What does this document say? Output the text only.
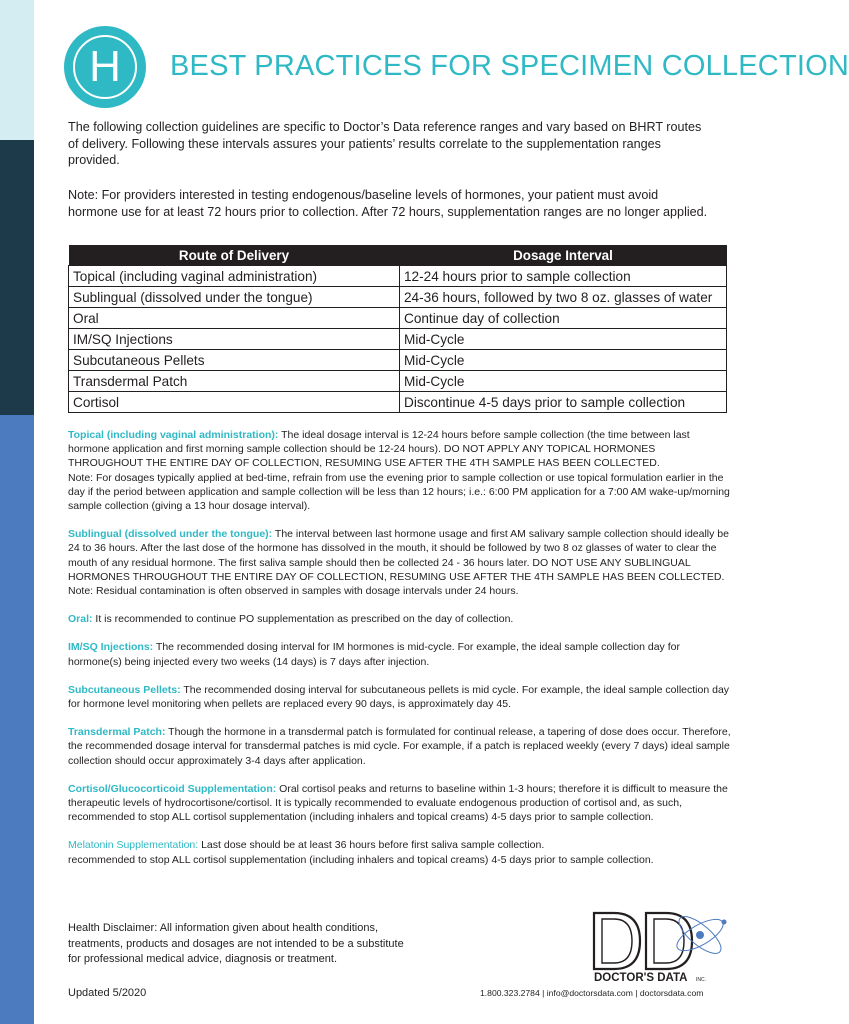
H BEST PRACTICES FOR SPECIMEN COLLECTION

The following collection guidelines are specific to Doctor’s Data reference ranges and vary based on BHRT routes of delivery. Following these intervals assures your patients’ results correlate to the supplementation ranges provided.

Note: For providers interested in testing endogenous/baseline levels of hormones, your patient must avoid hormone use for at least 72 hours prior to collection. After 72 hours, supplementation ranges are no longer applied.

Route of Delivery	Dosage Interval
Topical (including vaginal administration)	12-24 hours prior to sample collection
Sublingual (dissolved under the tongue)	24-36 hours, followed by two 8 oz. glasses of water
Oral	Continue day of collection
IM/SQ Injections	Mid-Cycle
Subcutaneous Pellets	Mid-Cycle
Transdermal Patch	Mid-Cycle
Cortisol	Discontinue 4-5 days prior to sample collection

Topical (including vaginal administration): The ideal dosage interval is 12-24 hours before sample collection (the time between last hormone application and first morning sample collection should be 12-24 hours). DO NOT APPLY ANY TOPICAL HORMONES THROUGHOUT THE ENTIRE DAY OF COLLECTION, RESUMING USE AFTER THE 4TH SAMPLE HAS BEEN COLLECTED.
Note: For dosages typically applied at bed-time, refrain from use the evening prior to sample collection or use topical formulation earlier in the day if the period between application and sample collection will be less than 12 hours; i.e.: 6:00 PM application for a 7:00 AM wake-up/morning sample collection (giving a 13 hour dosage interval).

Sublingual (dissolved under the tongue): The interval between last hormone usage and first AM salivary sample collection should ideally be 24 to 36 hours. After the last dose of the hormone has dissolved in the mouth, it should be followed by two 8 oz glasses of water to clear the mouth of any residual hormone. The first saliva sample should then be collected 24 - 36 hours later. DO NOT USE ANY SUBLINGUAL HORMONES THROUGHOUT THE ENTIRE DAY OF COLLECTION, RESUMING USE AFTER THE 4TH SAMPLE HAS BEEN COLLECTED.
Note: Residual contamination is often observed in samples with dosage intervals under 24 hours.

Oral: It is recommended to continue PO supplementation as prescribed on the day of collection.

IM/SQ Injections: The recommended dosing interval for IM hormones is mid-cycle. For example, the ideal sample collection day for hormone(s) being injected every two weeks (14 days) is 7 days after injection.

Subcutaneous Pellets: The recommended dosing interval for subcutaneous pellets is mid cycle. For example, the ideal sample collection day for hormone level monitoring when pellets are replaced every 90 days, is approximately day 45.

Transdermal Patch: Though the hormone in a transdermal patch is formulated for continual release, a tapering of dose does occur. Therefore, the recommended dosage interval for transdermal patches is mid cycle. For example, if a patch is replaced weekly (every 7 days) ideal sample collection should occur approximately 3-4 days after application.

Cortisol/Glucocorticoid Supplementation: Oral cortisol peaks and returns to baseline within 1-3 hours; therefore it is difficult to measure the therapeutic levels of hydrocortisone/cortisol. It is typically recommended to evaluate endogenous production of cortisol and, as such, recommended to stop ALL cortisol supplementation (including inhalers and topical creams) 4-5 days prior to sample collection.

Melatonin Supplementation: Last dose should be at least 36 hours before first saliva sample collection.
recommended to stop ALL cortisol supplementation (including inhalers and topical creams) 4-5 days prior to sample collection.

Health Disclaimer: All information given about health conditions, treatments, products and dosages are not intended to be a substitute for professional medical advice, diagnosis or treatment.

Updated 5/2020
DOCTOR'S DATA INC.
1.800.323.2784 | info@doctorsdata.com | doctorsdata.com
